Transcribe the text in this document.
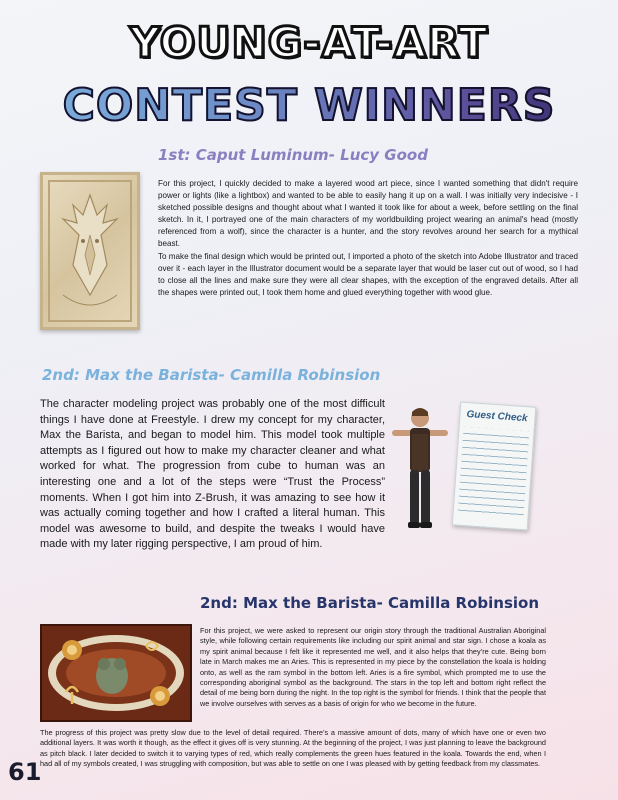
YOUNG-AT-ART
CONTEST WINNERS
1st: Caput Luminum- Lucy Good

For this project, I quickly decided to make a layered wood art piece, since I wanted something that didn't require power or lights (like a lightbox) and wanted to be able to easily hang it up on a wall. I was initially very indecisive - I sketched possible designs and thought about what I wanted it took like for about a week, before settling on the final sketch. In it, I portrayed one of the main characters of my worldbuilding project wearing an animal's head (mostly referenced from a wolf), since the character is a hunter, and the story revolves around her search for a mythical beast.

To make the final design which would be printed out, I imported a photo of the sketch into Adobe Illustrator and traced over it - each layer in the Illustrator document would be a separate layer that would be laser cut out of wood, so I had to close all the lines and make sure they were all clear shapes, with the exception of the engraved details. After all the shapes were printed out, I took them home and glued everything together with wood glue.

2nd: Max the Barista- Camilla Robinsion

The character modeling project was probably one of the most difficult things I have done at Freestyle. I drew my concept for my character, Max the Barista, and began to model him. This model took multiple attempts as I figured out how to make my character cleaner and what worked for what. The progression from cube to human was an interesting one and a lot of the steps were “Trust the Process” moments. When I got him into Z-Brush, it was amazing to see how it was actually coming together and how I crafted a literal human. This model was awesome to build, and despite the tweaks I would have made with my later rigging perspective, I am proud of him.

Guest Check
2nd: Max the Barista- Camilla Robinsion

For this project, we were asked to represent our origin story through the traditional Australian Aboriginal style, while following certain requirements like including our spirit animal and star sign. I chose a koala as my spirit animal because I felt like it represented me well, and it also helps that they’re cute. Being born late in March makes me an Aries. This is represented in my piece by the constellation the koala is holding onto, as well as the ram symbol in the bottom left. Aries is a fire symbol, which prompted me to use the corresponding aboriginal symbol as the background. The stars in the top left and bottom right reflect the detail of me being born during the night. In the top right is the symbol for friends. I think that the people that we involve ourselves with serves as a basis of origin for who we become in the future.

The progress of this project was pretty slow due to the level of detail required. There’s a massive amount of dots, many of which have one or even two additional layers. It was worth it though, as the effect it gives off is very stunning. At the beginning of the project, I was just planning to leave the background as pitch black. I later decided to switch it to varying types of red, which really complements the green hues featured in the koala. Towards the end, when I had all of my symbols created, I was struggling with composition, but was able to settle on one I was pleased with by getting feedback from my classmates.

61
